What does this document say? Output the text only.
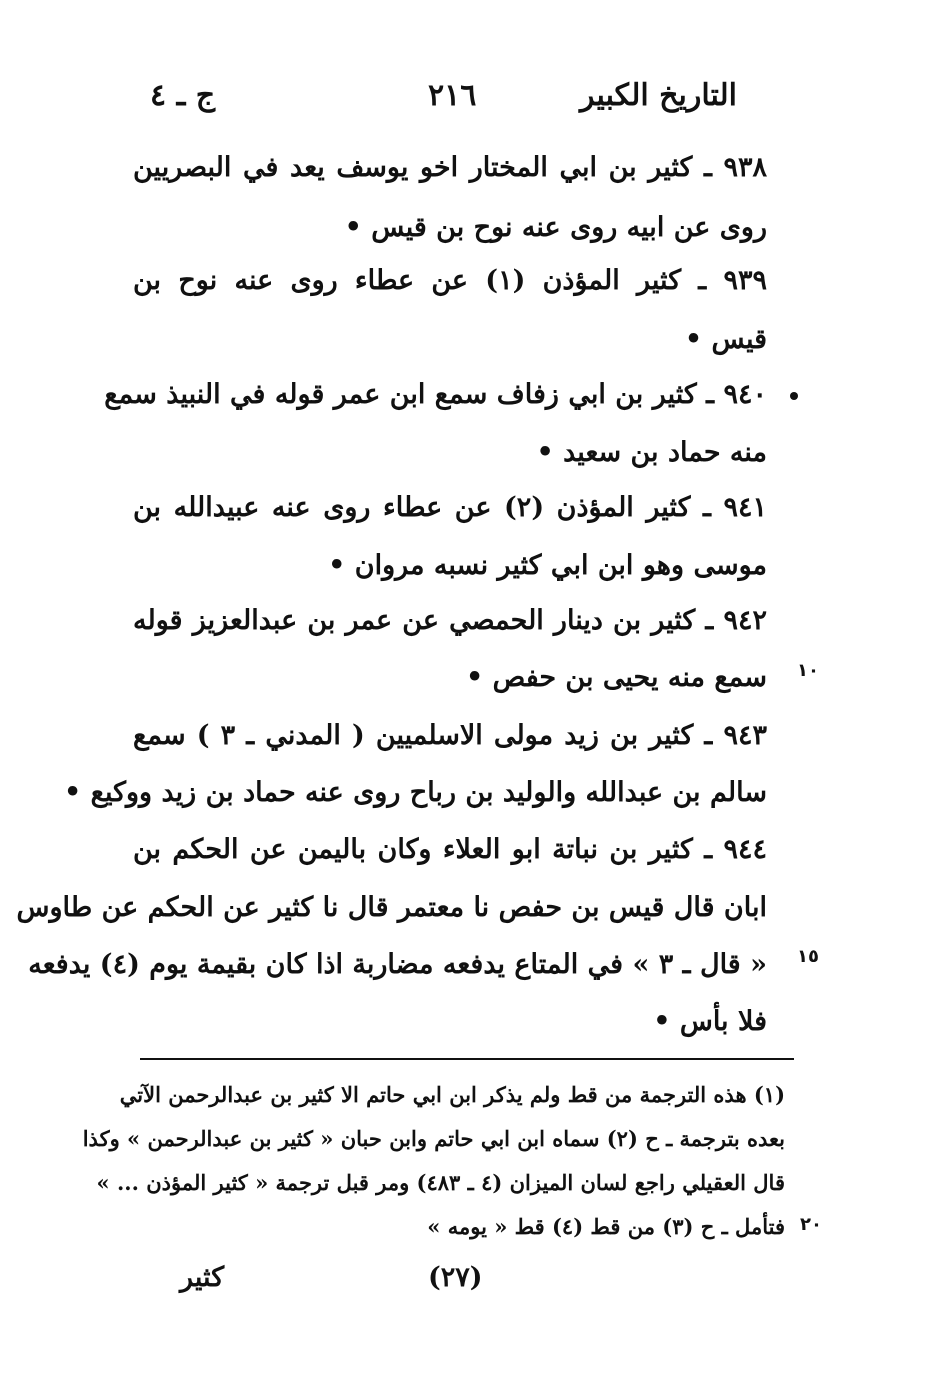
التاريخ الكبير
٢١٦
ج ـ ٤
٩٣٨ ـ كثير بن ابي المختار اخو يوسف يعد في البصريين
روى عن ابيه روى عنه نوح بن قيس •
٩٣٩ ـ كثير المؤذن (١) عن عطاء روى عنه نوح بن
قيس •
٩٤٠ ـ كثير بن ابي زفاف سمع ابن عمر قوله في النبيذ سمع
منه حماد بن سعيد •
٩٤١ ـ كثير المؤذن (٢) عن عطاء روى عنه عبيدالله بن
موسى وهو ابن ابي كثير نسبه مروان •
٩٤٢ ـ كثير بن دينار الحمصي عن عمر بن عبدالعزيز قوله
١٠
سمع منه يحيى بن حفص •
٩٤٣ ـ كثير بن زيد مولى الاسلميين ( المدني ـ ٣ ) سمع
سالم بن عبدالله والوليد بن رباح روى عنه حماد بن زيد ووكيع •
٩٤٤ ـ كثير بن نباتة ابو العلاء وكان باليمن عن الحكم بن
ابان قال قيس بن حفص نا معتمر قال نا كثير عن الحكم عن طاوس
١٥
« قال ـ ٣ » في المتاع يدفعه مضاربة اذا كان بقيمة يوم (٤) يدفعه
فلا بأس •
(١) هذه الترجمة من قط ولم يذكر ابن ابي حاتم الا كثير بن عبدالرحمن الآتي
بعده بترجمة ـ ح (٢) سماه ابن ابي حاتم وابن حبان « كثير بن عبدالرحمن » وكذا
قال العقيلي راجع لسان الميزان (٤ ـ ٤٨٣) ومر قبل ترجمة « كثير المؤذن ... »
٢٠
فتأمل ـ ح (٣) من قط (٤) قط « يومه »
(٢٧)
كثير
